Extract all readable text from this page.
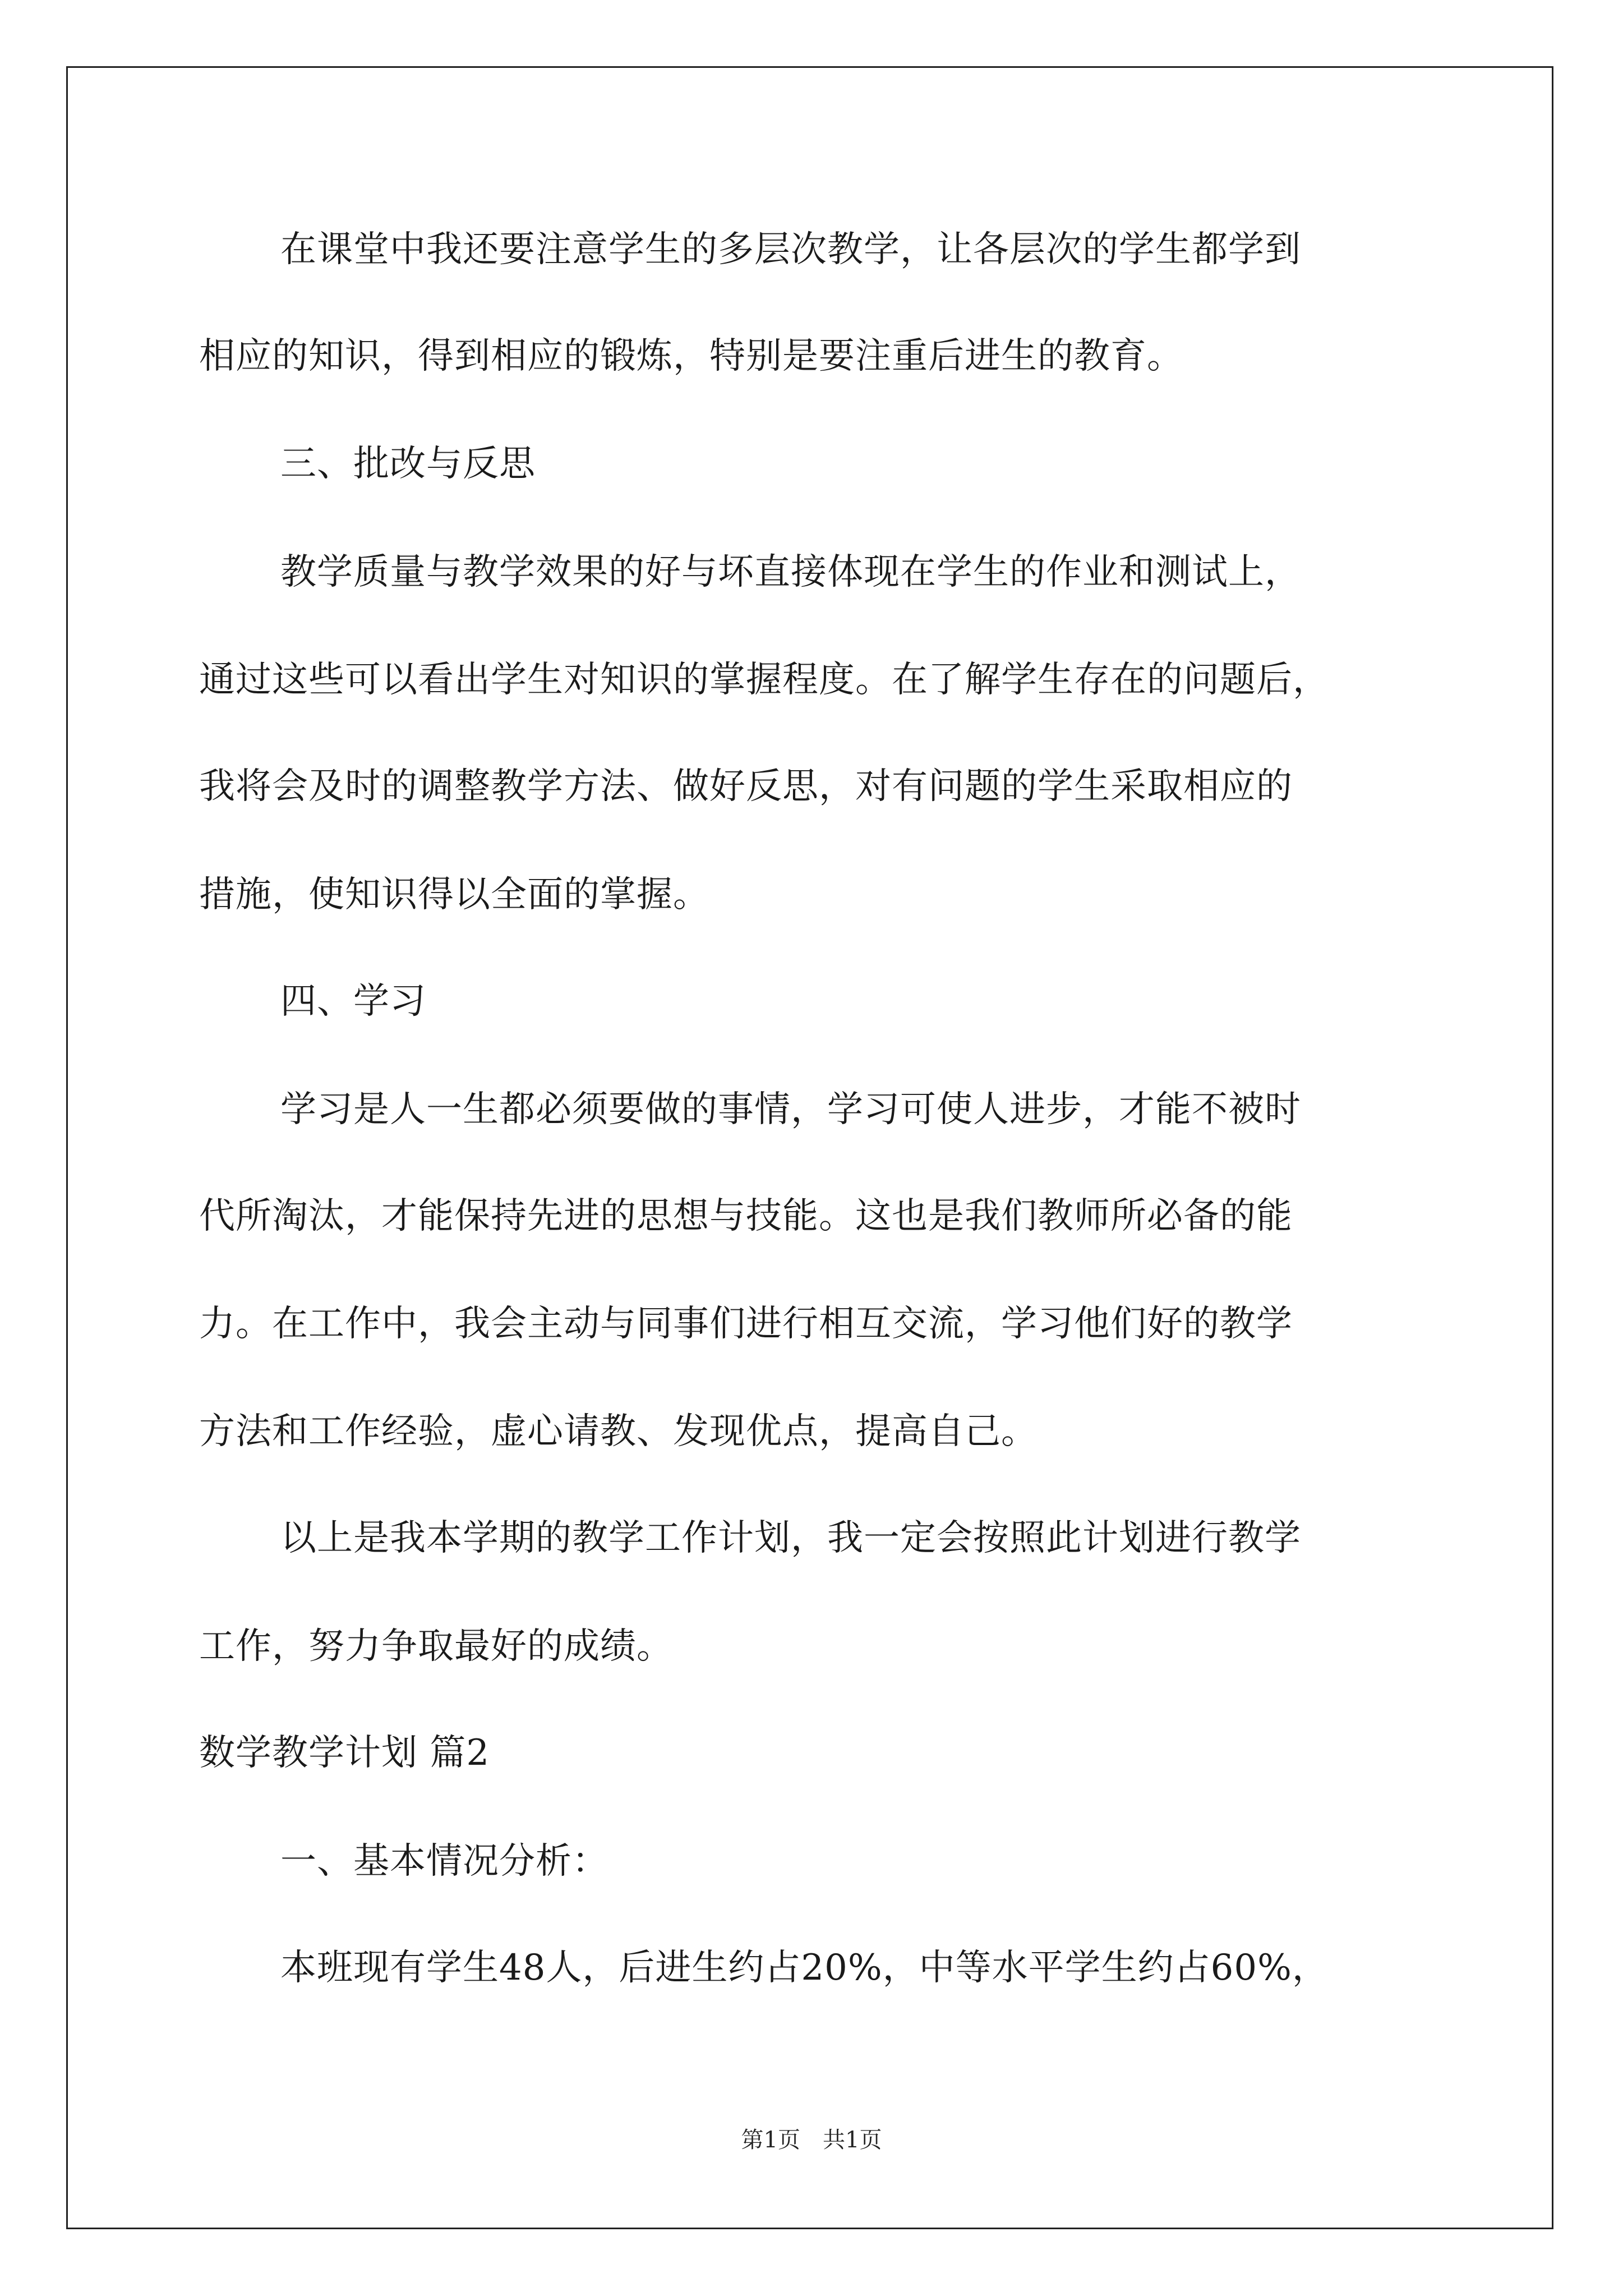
在课堂中我还要注意学生的多层次教学，让各层次的学生都学到
相应的知识，得到相应的锻炼，特别是要注重后进生的教育。
三、批改与反思
教学质量与教学效果的好与坏直接体现在学生的作业和测试上，
通过这些可以看出学生对知识的掌握程度。在了解学生存在的问题后，
我将会及时的调整教学方法、做好反思，对有问题的学生采取相应的
措施，使知识得以全面的掌握。
四、学习
学习是人一生都必须要做的事情，学习可使人进步，才能不被时
代所淘汰，才能保持先进的思想与技能。这也是我们教师所必备的能
力。在工作中，我会主动与同事们进行相互交流，学习他们好的教学
方法和工作经验，虚心请教、发现优点，提高自己。
以上是我本学期的教学工作计划，我一定会按照此计划进行教学
工作，努力争取最好的成绩。
数学教学计划 篇2
一、基本情况分析：
本班现有学生48人，后进生约占20%，中等水平学生约占60%，
第1页　共1页
